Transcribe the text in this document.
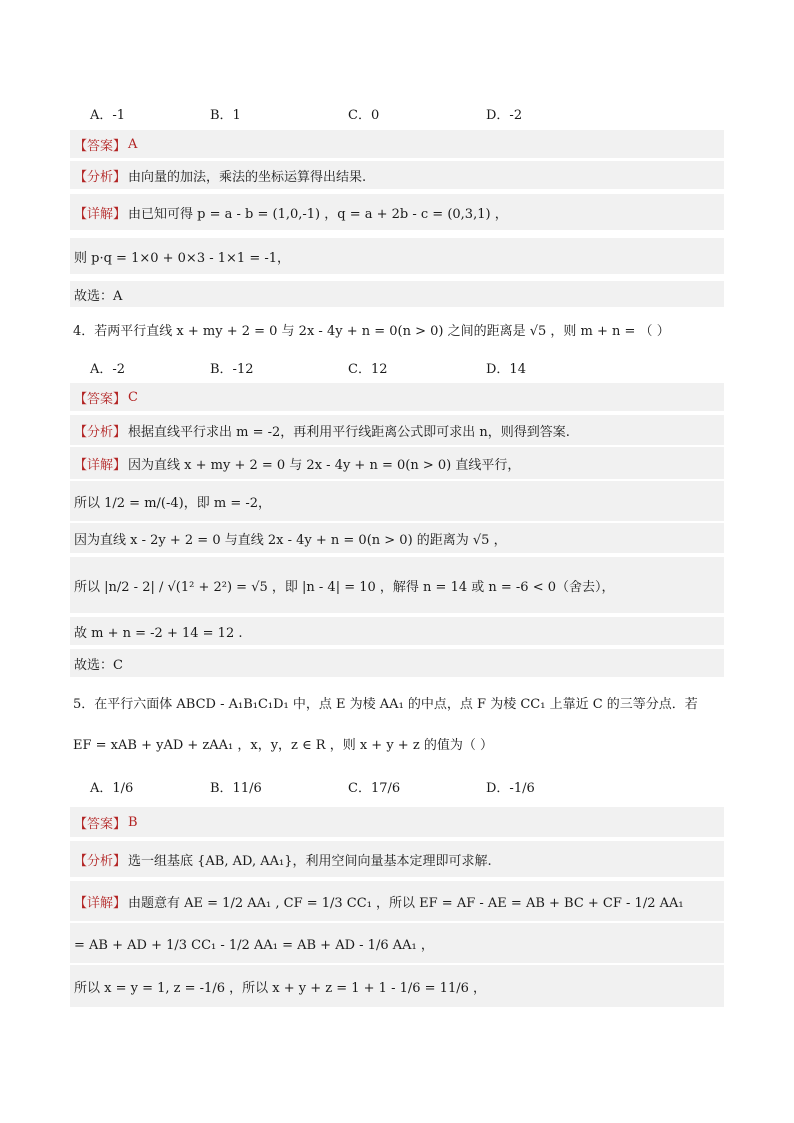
A．-1	B．1	C．0	D．-2
【答案】 A
【分析】 由向量的加法，乘法的坐标运算得出结果.
【详解】 由已知可得 p = a - b = (1,0,-1) ，q = a + 2b - c = (0,3,1) ，
则 p·q = 1×0 + 0×3 - 1×1 = -1，
故选：A
4．若两平行直线 x + my + 2 = 0 与 2x - 4y + n = 0(n > 0) 之间的距离是 √5 ，则 m + n = （ ）
A．-2	B．-12	C．12	D．14
【答案】 C
【分析】 根据直线平行求出 m = -2，再利用平行线距离公式即可求出 n，则得到答案.
【详解】 因为直线 x + my + 2 = 0 与 2x - 4y + n = 0(n > 0) 直线平行，
所以 1/2 = m/(-4)，即 m = -2，
因为直线 x - 2y + 2 = 0 与直线 2x - 4y + n = 0(n > 0) 的距离为 √5 ，
所以 |n/2 - 2| / √(1² + 2²) = √5 ，即 |n - 4| = 10 ，解得 n = 14 或 n = -6 < 0（舍去），
故 m + n = -2 + 14 = 12 .
故选：C
5．在平行六面体 ABCD - A₁B₁C₁D₁ 中，点 E 为棱 AA₁ 的中点，点 F 为棱 CC₁ 上靠近 C 的三等分点．若
EF = xAB + yAD + zAA₁ ，x，y，z ∈ R ，则 x + y + z 的值为（ ）
A．1/6	B．11/6	C．17/6	D．-1/6
【答案】 B
【分析】 选一组基底 {AB, AD, AA₁}，利用空间向量基本定理即可求解.
【详解】 由题意有 AE = 1/2 AA₁ , CF = 1/3 CC₁ ，所以 EF = AF - AE = AB + BC + CF - 1/2 AA₁
= AB + AD + 1/3 CC₁ - 1/2 AA₁ = AB + AD - 1/6 AA₁ ，
所以 x = y = 1, z = -1/6 ，所以 x + y + z = 1 + 1 - 1/6 = 11/6 ，
